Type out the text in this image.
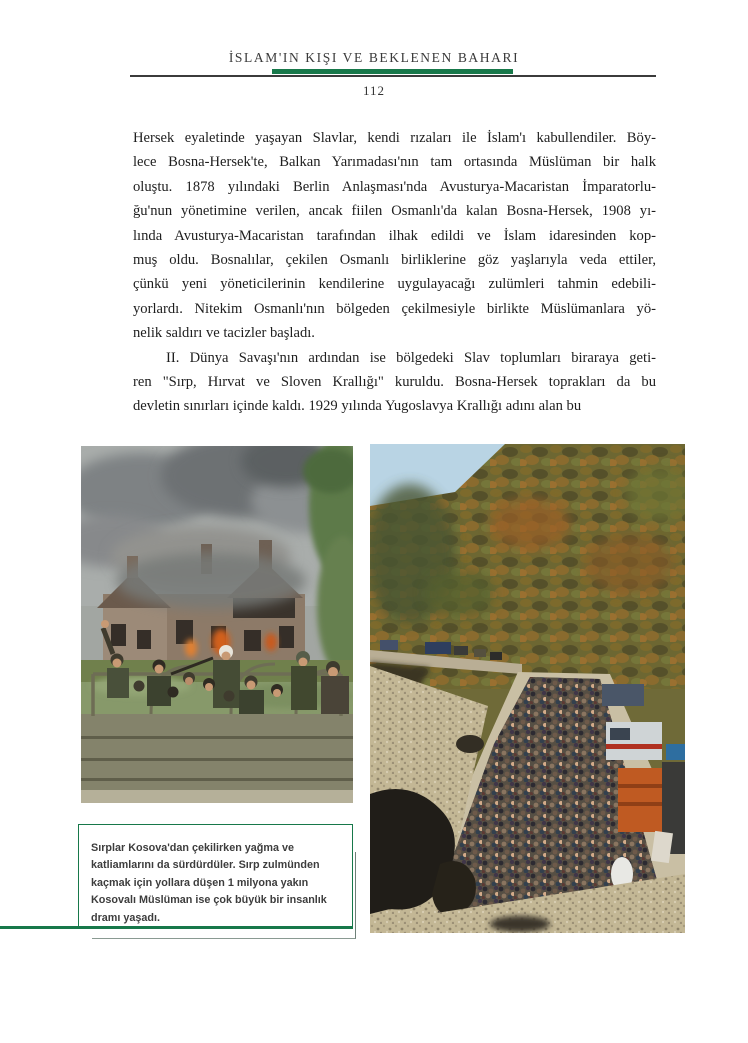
İSLAM'IN KIŞI VE BEKLENEN BAHARI
112
Hersek eyaletinde yaşayan Slavlar, kendi rızaları ile İslam'ı kabullendiler. Böy-
lece Bosna-Hersek'te, Balkan Yarımadası'nın tam ortasında Müslüman bir halk
oluştu. 1878 yılındaki Berlin Anlaşması'nda Avusturya-Macaristan İmparatorlu-
ğu'nun yönetimine verilen, ancak fiilen Osmanlı'da kalan Bosna-Hersek, 1908 yı-
lında Avusturya-Macaristan tarafından ilhak edildi ve İslam idaresinden kop-
muş oldu. Bosnalılar, çekilen Osmanlı birliklerine göz yaşlarıyla veda ettiler,
çünkü yeni yöneticilerinin kendilerine uygulayacağı zulümleri tahmin edebili-
yorlardı. Nitekim Osmanlı'nın bölgeden çekilmesiyle birlikte Müslümanlara yö-
nelik saldırı ve tacizler başladı.
II. Dünya Savaşı'nın ardından ise bölgedeki Slav toplumları biraraya geti-
ren "Sırp, Hırvat ve Sloven Krallığı" kuruldu. Bosna-Hersek toprakları da bu
devletin sınırları içinde kaldı. 1929 yılında Yugoslavya Krallığı adını alan bu
Sırplar Kosova'dan çekilirken yağma ve katliamlarını da sürdürdüler. Sırp zulmünden kaçmak için yollara düşen 1 milyona yakın Kosovalı Müslüman ise çok büyük bir insanlık dramı yaşadı.
